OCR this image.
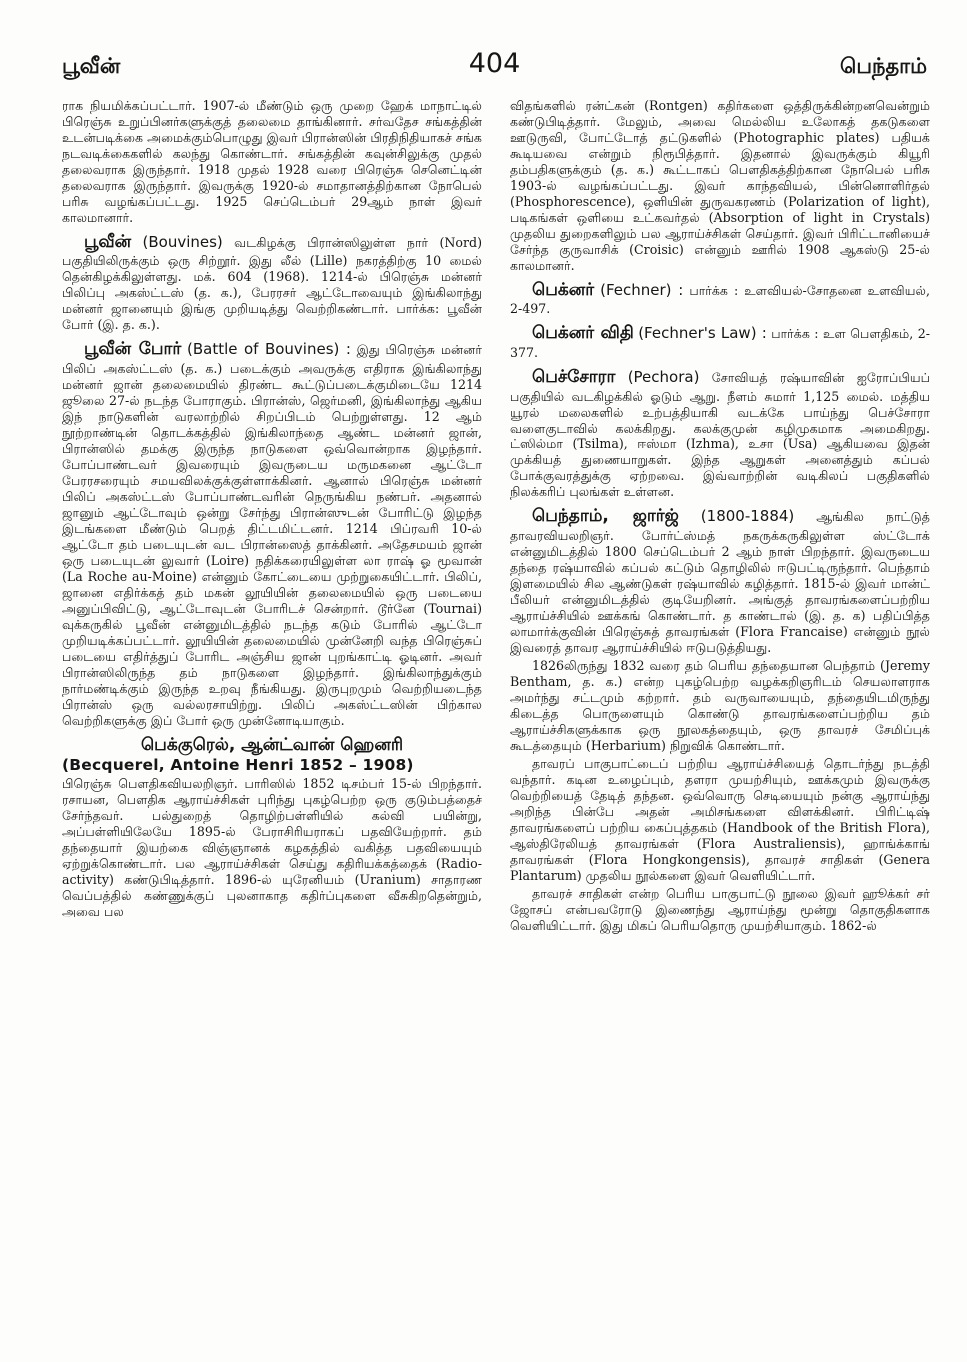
பூவீன்	404	பெந்தாம்

ராக நியமிக்கப்பட்டார். 1907-ல் மீண்டும் ஒரு முறை ஹேக் மாநாட்டில் பிரெஞ்சு உறுப்பினர்களுக்குத் தலைமை தாங்கினார். சர்வதேச சங்கத்தின் உடன்படிக்கை அமைக்கும்பொழுது இவர் பிரான்ஸின் பிரதிநிதியாகச் சங்க நடவடிக்கைகளில் கலந்து கொண்டார். சங்கத்தின் கவுன்சிலுக்கு முதல் தலைவராக இருந்தார். 1918 முதல் 1928 வரை பிரெஞ்சு செனெட்டின் தலைவராக இருந்தார். இவருக்கு 1920-ல் சமாதானத்திற்கான நோபெல் பரிசு வழங்கப்பட்டது. 1925 செப்டெம்பர் 29ஆம் நாள் இவர் காலமானார்.

பூவீன் (Bouvines) வடகிழக்கு பிரான்ஸிலுள்ள நார் (Nord) பகுதியிலிருக்கும் ஒரு சிற்றூர். இது லீல் (Lille) நகரத்திற்கு 10 மைல் தென்கிழக்கிலுள்ளது. மக். 604 (1968). 1214-ல் பிரெஞ்சு மன்னர் பிலிப்பு அகஸ்ட்டஸ் (த. க.), பேரரசர் ஆட்டோவையும் இங்கிலாந்து மன்னர் ஜானையும் இங்கு முறியடித்து வெற்றிகண்டார். பார்க்க: பூவீன் போர் (இ. த. க.).

பூவீன் போர் (Battle of Bouvines) : இது பிரெஞ்சு மன்னர் பிலிப் அகஸ்ட்டஸ் (த. க.) படைக்கும் அவருக்கு எதிராக இங்கிலாந்து மன்னர் ஜான் தலைமையில் திரண்ட கூட்டுப்படைக்குமிடையே 1214 ஜூலை 27-ல் நடந்த போராகும். பிரான்ஸ், ஜெர்மனி, இங்கிலாந்து ஆகிய இந் நாடுகளின் வரலாற்றில் சிறப்பிடம் பெற்றுள்ளது. 12 ஆம் நூற்றாண்டின் தொடக்கத்தில் இங்கிலாந்தை ஆண்ட மன்னர் ஜான், பிரான்ஸில் தமக்கு இருந்த நாடுகளை ஒவ்வொன்றாக இழந்தார். போப்பாண்டவர் இவரையும் இவருடைய மருமகனை ஆட்டோ பேரரசரையும் சமயவிலக்குக்குள்ளாக்கினர். ஆனால் பிரெஞ்சு மன்னர் பிலிப் அகஸ்ட்டஸ் போப்பாண்டவரின் நெருங்கிய நண்பர். அதனால் ஜானும் ஆட்டோவும் ஒன்று சேர்ந்து பிரான்ஸுடன் போரிட்டு இழந்த இடங்களை மீண்டும் பெறத் திட்டமிட்டனர். 1214 பிப்ரவரி 10-ல் ஆட்டோ தம் படையுடன் வட பிரான்ஸைத் தாக்கினர். அதேசமயம் ஜான் ஒரு படையுடன் லுவார் (Loire) நதிக்கரையிலுள்ள லா ராஷ் ஓ மூவான் (La Roche au-Moine) என்னும் கோட்டையை முற்றுகையிட்டார். பிலிப், ஜானை எதிர்க்கத் தம் மகன் லூயியின் தலைமையில் ஒரு படையை அனுப்பிவிட்டு, ஆட்டோவுடன் போரிடச் சென்றார். டூர்னே (Tournai) வுக்கருகில் பூவீன் என்னுமிடத்தில் நடந்த கடும் போரில் ஆட்டோ முறியடிக்கப்பட்டார். லூயியின் தலைமையில் முன்னேறி வந்த பிரெஞ்சுப் படையை எதிர்த்துப் போரிட அஞ்சிய ஜான் புறங்காட்டி ஓடினர். அவர் பிரான்ஸிலிருந்த தம் நாடுகளை இழந்தார். இங்கிலாந்துக்கும் நார்மண்டிக்கும் இருந்த உறவு நீங்கியது. இருபுறமும் வெற்றியடைந்த பிரான்ஸ் ஒரு வல்லரசாயிற்று. பிலிப் அகஸ்ட்டஸின் பிற்கால வெற்றிகளுக்கு இப் போர் ஒரு முன்னோடியாகும்.

பெக்குரெல், ஆன்ட்வான் ஹெனரி
(Becquerel, Antoine Henri 1852 – 1908)

பிரெஞ்சு பௌதிகவியலறிஞர். பாரிஸில் 1852 டிசம்பர் 15-ல் பிறந்தார். ரசாயன, பௌதிக ஆராய்ச்சிகள் புரிந்து புகழ்பெற்ற ஒரு குடும்பத்தைச் சேர்ந்தவர். பல்துறைத் தொழிற்பள்ளியில் கல்வி பயின்று, அப்பள்ளியிலேயே 1895-ல் பேராசிரியராகப் பதவியேற்றார். தம் தந்தையார் இயற்கை விஞ்ஞானக் கழகத்தில் வகித்த பதவியையும் ஏற்றுக்கொண்டார். பல ஆராய்ச்சிகள் செய்து கதிரியக்கத்தைக் (Radio-activity) கண்டுபிடித்தார். 1896-ல் யுரேனியம் (Uranium) சாதாரண வெப்பத்தில் கண்ணுக்குப் புலனாகாத கதிர்ப்புகளை வீசுகிறதென்றும், அவை பல

விதங்களில் ரன்ட்கன் (Rontgen) கதிர்களை ஒத்திருக்கின்றனவென்றும் கண்டுபிடித்தார். மேலும், அவை மெல்லிய உலோகத் தகடுகளை ஊடுருவி, போட்டோத் தட்டுகளில் (Photographic plates) பதியக் கூடியவை என்றும் நிரூபித்தார். இதனால் இவருக்கும் கியூரி தம்பதிகளுக்கும் (த. க.) கூட்டாகப் பௌதிகத்திற்கான நோபெல் பரிசு 1903-ல் வழங்கப்பட்டது. இவர் காந்தவியல், பின்னொளிர்தல் (Phosphorescence), ஒளியின் துருவகரணம் (Polarization of light), படிகங்கள் ஒளியை உட்கவர்தல் (Absorption of light in Crystals) முதலிய துறைகளிலும் பல ஆராய்ச்சிகள் செய்தார். இவர் பிரிட்டானியைச் சேர்ந்த குருவாசிக் (Croisic) என்னும் ஊரில் 1908 ஆகஸ்டு 25-ல் காலமானர்.

பெக்னர் (Fechner) : பார்க்க : உளவியல்-சோதனை உளவியல், 2-497.

பெக்னர் விதி (Fechner's Law) : பார்க்க : உள பௌதிகம், 2-377.

பெச்சோரா (Pechora) சோவியத் ரஷ்யாவின் ஐரோப்பியப் பகுதியில் வடகிழக்கில் ஓடும் ஆறு. நீளம் சுமார் 1,125 மைல். மத்திய யூரல் மலைகளில் உற்பத்தியாகி வடக்கே பாய்ந்து பெச்சோரா வளைகுடாவில் கலக்கிறது. கலக்குமுன் கழிமுகமாக அமைகிறது. ட்ஸில்மா (Tsilma), ஈஸ்மா (Izhma), உசா (Usa) ஆகியவை இதன் முக்கியத் துணையாறுகள். இந்த ஆறுகள் அனைத்தும் கப்பல் போக்குவரத்துக்கு ஏற்றவை. இவ்வாற்றின் வடிகிலப் பகுதிகளில் நிலக்கரிப் புலங்கள் உள்ளன.

பெந்தாம், ஜார்ஜ் (1800-1884) ஆங்கில நாட்டுத் தாவரவியலறிஞர். போர்ட்ஸ்மத் நகருக்கருகிலுள்ள ஸ்ட்டோக் என்னுமிடத்தில் 1800 செப்டெம்பர் 2 ஆம் நாள் பிறந்தார். இவருடைய தந்தை ரஷ்யாவில் கப்பல் கட்டும் தொழிலில் ஈடுபட்டிருந்தார். பெந்தாம் இளமையில் சில ஆண்டுகள் ரஷ்யாவில் கழித்தார். 1815-ல் இவர் மான்ட் பீலியர் என்னுமிடத்தில் குடியேறினர். அங்குத் தாவரங்களைப்பற்றிய ஆராய்ச்சியில் ஊக்கங் கொண்டார். த காண்டால் (இ. த. க) பதிப்பித்த லாமார்க்குவின் பிரெஞ்சுத் தாவரங்கள் (Flora Francaise) என்னும் நூல் இவரைத் தாவர ஆராய்ச்சியில் ஈடுபடுத்தியது.

1826லிருந்து 1832 வரை தம் பெரிய தந்தையான பெந்தாம் (Jeremy Bentham, த. க.) என்ற புகழ்பெற்ற வழக்கறிஞரிடம் செயலாளராக அமர்ந்து சட்டமும் கற்றார். தம் வருவாயையும், தந்தையிடமிருந்து கிடைத்த பொருளையும் கொண்டு தாவரங்களைப்பற்றிய தம் ஆராய்ச்சிகளுக்காக ஒரு நூலகத்தையும், ஒரு தாவரச் சேமிப்புக் கூடத்தையும் (Herbarium) நிறுவிக் கொண்டார்.

தாவரப் பாகுபாட்டைப் பற்றிய ஆராய்ச்சியைத் தொடர்ந்து நடத்தி வந்தார். கடின உழைப்பும், தளரா முயற்சியும், ஊக்கமும் இவருக்கு வெற்றியைத் தேடித் தந்தன. ஒவ்வொரு செடியையும் நன்கு ஆராய்ந்து அறிந்த பின்பே அதன் அமிசங்களை விளக்கினர். பிரிட்டிஷ் தாவரங்களைப் பற்றிய கைப்புத்தகம் (Handbook of the British Flora), ஆஸ்திரேலியத் தாவரங்கள் (Flora Australiensis), ஹாங்க்காங் தாவரங்கள் (Flora Hongkongensis), தாவரச் சாதிகள் (Genera Plantarum) முதலிய நூல்களை இவர் வெளியிட்டார்.

தாவரச் சாதிகள் என்ற பெரிய பாகுபாட்டு நூலை இவர் ஹூக்கர் சர் ஜோசப் என்பவரோடு இணைந்து ஆராய்ந்து மூன்று தொகுதிகளாக வெளியிட்டார். இது மிகப் பெரியதொரு முயற்சியாகும். 1862-ல்
